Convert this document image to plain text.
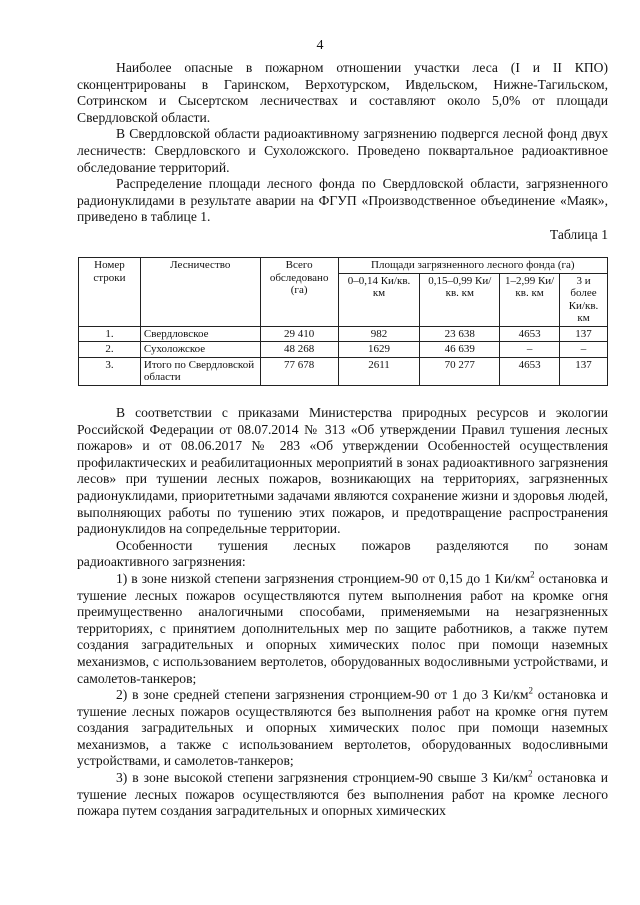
4

Наиболее опасные в пожарном отношении участки леса (I и II КПО) сконцентрированы в Гаринском, Верхотурском, Ивдельском, Нижне-Тагильском, Сотринском и Сысертском лесничествах и составляют около 5,0% от площади Свердловской области.

В Свердловской области радиоактивному загрязнению подвергся лесной фонд двух лесничеств: Свердловского и Сухоложского. Проведено поквартальное радиоактивное обследование территорий.

Распределение площади лесного фонда по Свердловской области, загрязненного радионуклидами в результате аварии на ФГУП «Производственное объединение «Маяк», приведено в таблице 1.

Таблица 1
Номер строки	Лесничество	Всего обследовано (га)	Площади загрязненного лесного фонда (га)			
			0–0,14 Ки/кв. км	0,15–0,99 Ки/кв. км	1–2,99 Ки/кв. км	3 и более Ки/кв. км
1.	Свердловское	29 410	982	23 638	4653	137
2.	Сухоложское	48 268	1629	46 639	–	–
3.	Итого по Свердловской области	77 678	2611	70 277	4653	137

В соответствии с приказами Министерства природных ресурсов и экологии Российской Федерации от 08.07.2014 № 313 «Об утверждении Правил тушения лесных пожаров» и от 08.06.2017 № 283 «Об утверждении Особенностей осуществления профилактических и реабилитационных мероприятий в зонах радиоактивного загрязнения лесов» при тушении лесных пожаров, возникающих на территориях, загрязненных радионуклидами, приоритетными задачами являются сохранение жизни и здоровья людей, выполняющих работы по тушению этих пожаров, и предотвращение распространения радионуклидов на сопредельные территории.

Особенности тушения лесных пожаров разделяются по зонам

радиоактивного загрязнения:

1) в зоне низкой степени загрязнения стронцием-90 от 0,15 до 1 $Ки/км^2$ остановка и тушение лесных пожаров осуществляются путем выполнения работ на кромке огня преимущественно аналогичными способами, применяемыми на незагрязненных территориях, с принятием дополнительных мер по защите работников, а также путем создания заградительных и опорных химических полос при помощи наземных механизмов, с использованием вертолетов, оборудованных водосливными устройствами, и самолетов-танкеров;

2) в зоне средней степени загрязнения стронцием-90 от 1 до 3 $Ки/км^2$ остановка и тушение лесных пожаров осуществляются без выполнения работ на кромке огня путем создания заградительных и опорных химических полос при помощи наземных механизмов, а также с использованием вертолетов, оборудованных водосливными устройствами, и самолетов-танкеров;

3) в зоне высокой степени загрязнения стронцием-90 свыше 3 $Ки/км^2$ остановка и тушение лесных пожаров осуществляются без выполнения работ на кромке лесного пожара путем создания заградительных и опорных химических
